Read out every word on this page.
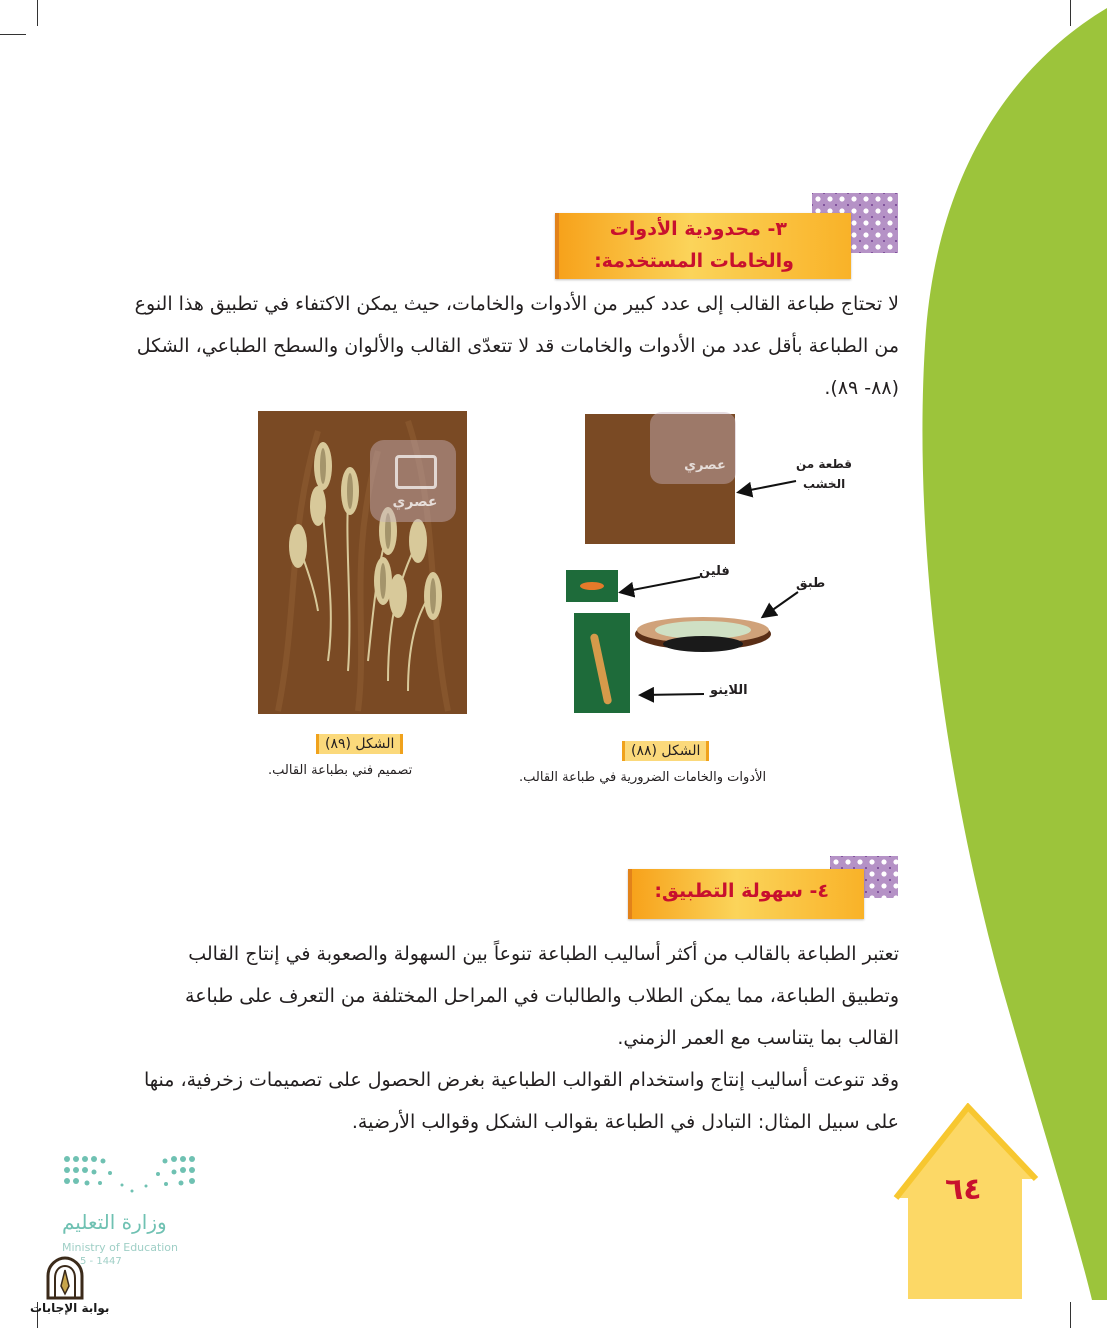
٣- محدودية الأدوات
والخامات المستخدمة:
لا تحتاج طباعة القالب إلى عدد كبير من الأدوات والخامات، حيث يمكن الاكتفاء في تطبيق هذا النوع من الطباعة بأقل عدد من الأدوات والخامات قد لا تتعدّى القالب والألوان والسطح الطباعي، الشكل (٨٨- ٨٩).
عصري
الشكل (٨٩)
تصميم فني بطباعة القالب.
عصري	قطعة من
الخشب
فلين
طبق
اللاينو
الشكل (٨٨)
الأدوات والخامات الضرورية في طباعة القالب.
٤- سهولة التطبيق:
تعتبر الطباعة بالقالب من أكثر أساليب الطباعة تنوعاً بين السهولة والصعوبة في إنتاج القالب وتطبيق الطباعة، مما يمكن الطلاب والطالبات في المراحل المختلفة من التعرف على طباعة القالب بما يتناسب مع العمر الزمني.
وقد تنوعت أساليب إنتاج واستخدام القوالب الطباعية بغرض الحصول على تصميمات زخرفية، منها على سبيل المثال: التبادل في الطباعة بقوالب الشكل وقوالب الأرضية.
٦٤
وزارة التعليم
Ministry of Education
5 - 1447
بوابة الإجابات
